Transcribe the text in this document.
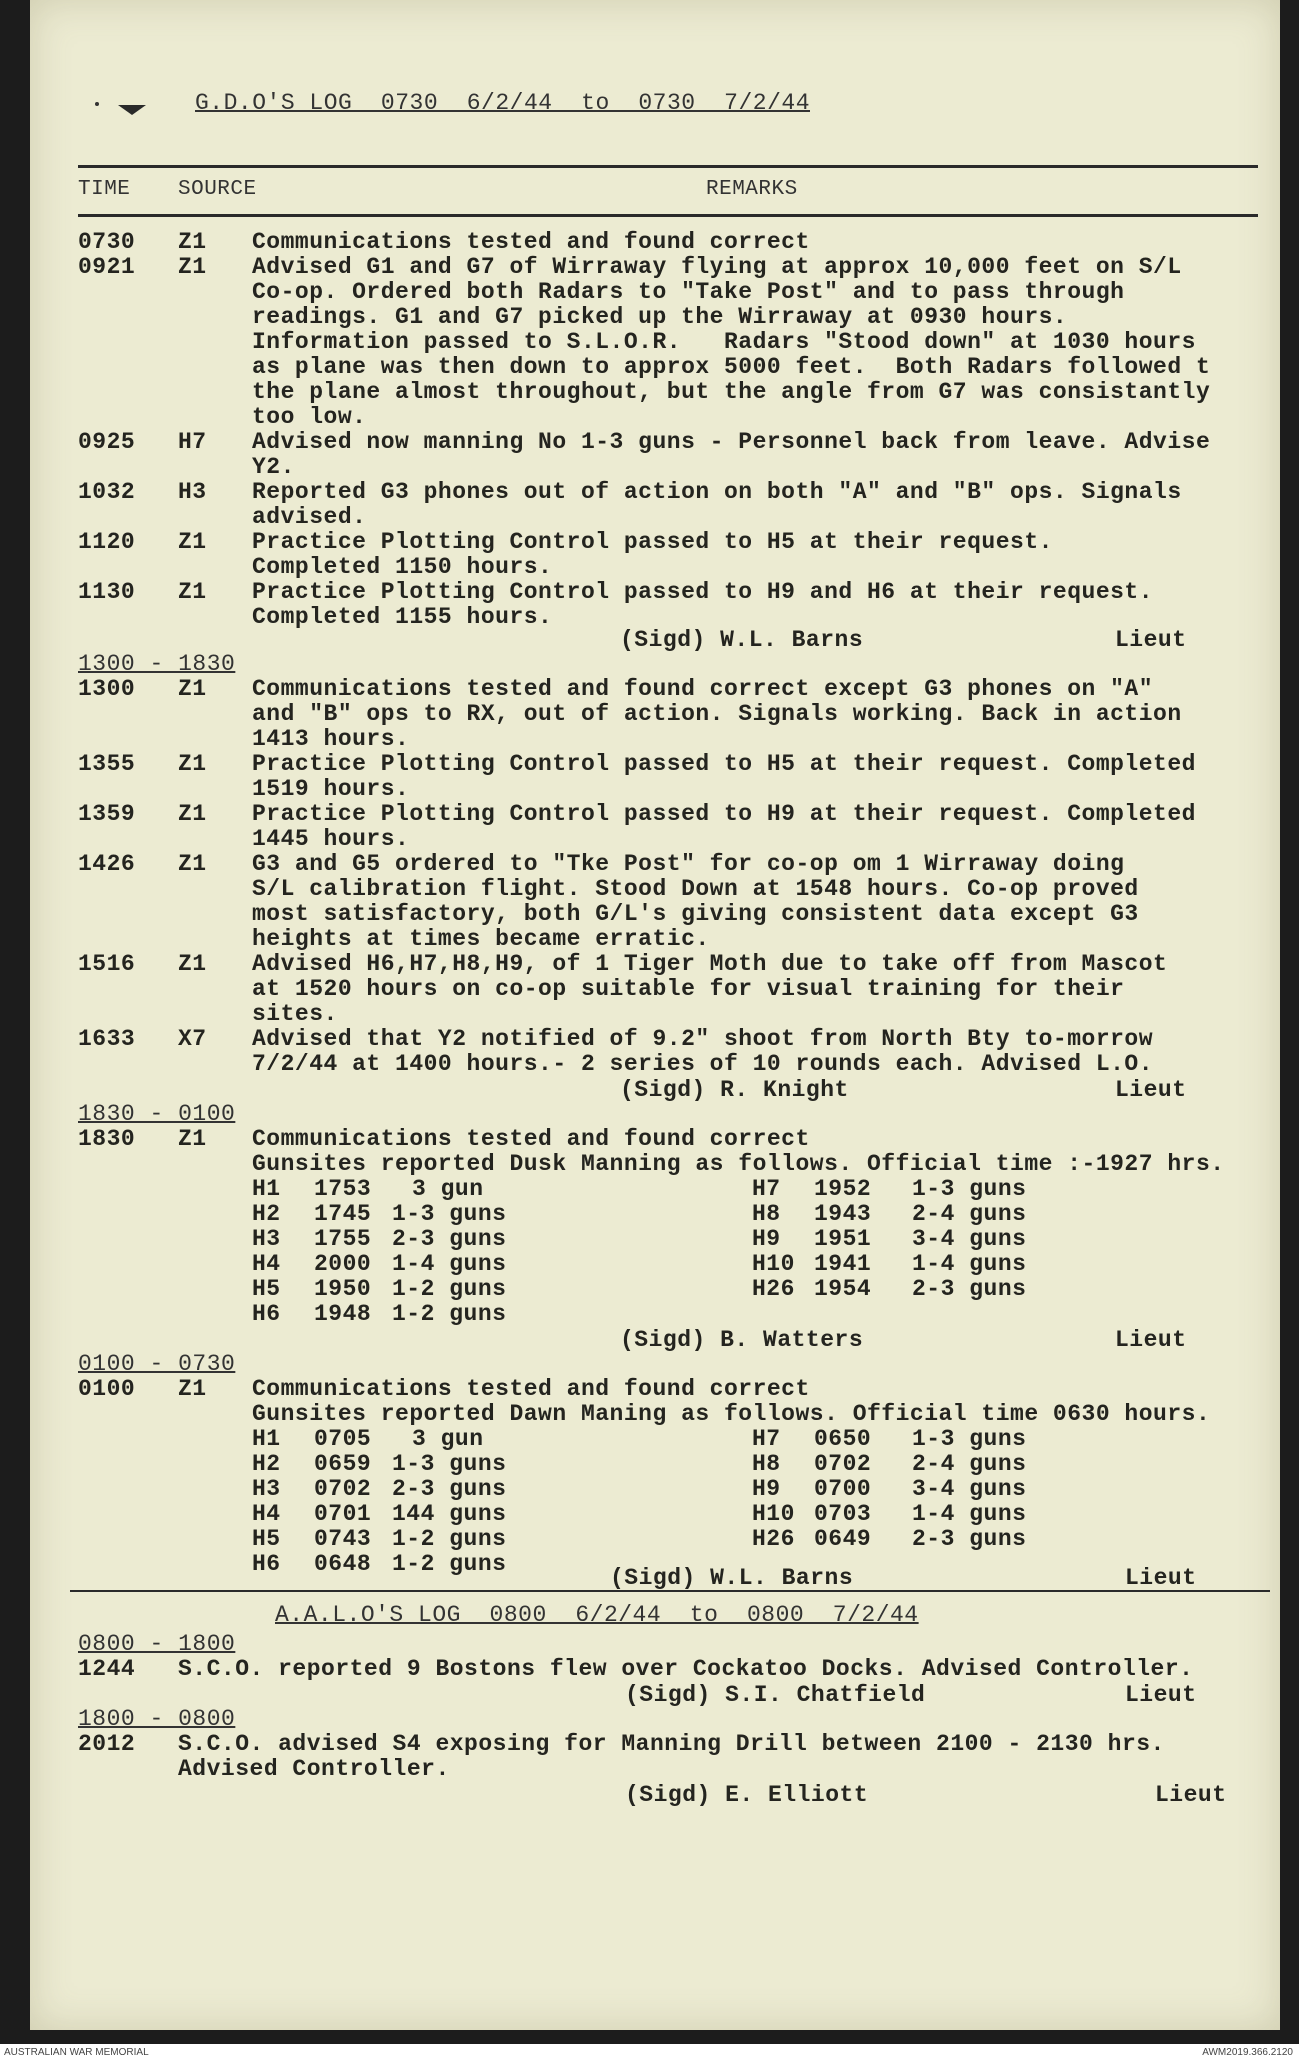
G.D.O'S LOG  0730  6/2/44  to  0730  7/2/44
TIME SOURCE	REMARKS
0730 Z1 Communications tested and found correct
0921 Z1 Advised G1 and G7 of Wirraway flying at approx 10,000 feet on S/L
Co-op. Ordered both Radars to "Take Post" and to pass through
readings. G1 and G7 picked up the Wirraway at 0930 hours.
Information passed to S.L.O.R.   Radars "Stood down" at 1030 hours
as plane was then down to approx 5000 feet.  Both Radars followed t
the plane almost throughout, but the angle from G7 was consistantly
too low.
0925 H7 Advised now manning No 1-3 guns - Personnel back from leave. Advise
Y2.
1032 H3 Reported G3 phones out of action on both "A" and "B" ops. Signals
advised.
1120 Z1 Practice Plotting Control passed to H5 at their request.
Completed 1150 hours.
1130 Z1 Practice Plotting Control passed to H9 and H6 at their request.
Completed 1155 hours.
(Sigd) W.L. Barns	Lieut
1300 - 1830
1300 Z1 Communications tested and found correct except G3 phones on "A"
and "B" ops to RX, out of action. Signals working. Back in action
1413 hours.
1355 Z1 Practice Plotting Control passed to H5 at their request. Completed
1519 hours.
1359 Z1 Practice Plotting Control passed to H9 at their request. Completed
1445 hours.
1426 Z1 G3 and G5 ordered to "Tke Post" for co-op om 1 Wirraway doing
S/L calibration flight. Stood Down at 1548 hours. Co-op proved
most satisfactory, both G/L's giving consistent data except G3
heights at times became erratic.
1516 Z1 Advised H6,H7,H8,H9, of 1 Tiger Moth due to take off from Mascot
at 1520 hours on co-op suitable for visual training for their
sites.
1633 X7 Advised that Y2 notified of 9.2" shoot from North Bty to-morrow
7/2/44 at 1400 hours.- 2 series of 10 rounds each. Advised L.O.
(Sigd) R. Knight	Lieut
1830 - 0100
1830 Z1 Communications tested and found correct
Gunsites reported Dusk Manning as follows. Official time :-1927 hrs.
H1 1753 3 gun	H7 1952 1-3 guns
H2 1745 1-3 guns	H8 1943 2-4 guns
H3 1755 2-3 guns	H9 1951 3-4 guns
H4 2000 1-4 guns	H10 1941 1-4 guns
H5 1950 1-2 guns	H26 1954 2-3 guns
H6 1948 1-2 guns
(Sigd) B. Watters	Lieut
0100 - 0730
0100 Z1 Communications tested and found correct
Gunsites reported Dawn Maning as follows. Official time 0630 hours.
H1 0705 3 gun	H7 0650 1-3 guns
H2 0659 1-3 guns	H8 0702 2-4 guns
H3 0702 2-3 guns	H9 0700 3-4 guns
H4 0701 144 guns	H10 0703 1-4 guns
H5 0743 1-2 guns	H26 0649 2-3 guns
H6 0648 1-2 guns
(Sigd) W.L. Barns	Lieut
A.A.L.O'S LOG  0800  6/2/44  to  0800  7/2/44
0800 - 1800
1244 S.C.O. reported 9 Bostons flew over Cockatoo Docks. Advised Controller.
(Sigd) S.I. Chatfield	Lieut
1800 - 0800
2012 S.C.O. advised S4 exposing for Manning Drill between 2100 - 2130 hrs.
Advised Controller.
(Sigd) E. Elliott	Lieut
AUSTRALIAN WAR MEMORIAL	AWM2019.366.2120
